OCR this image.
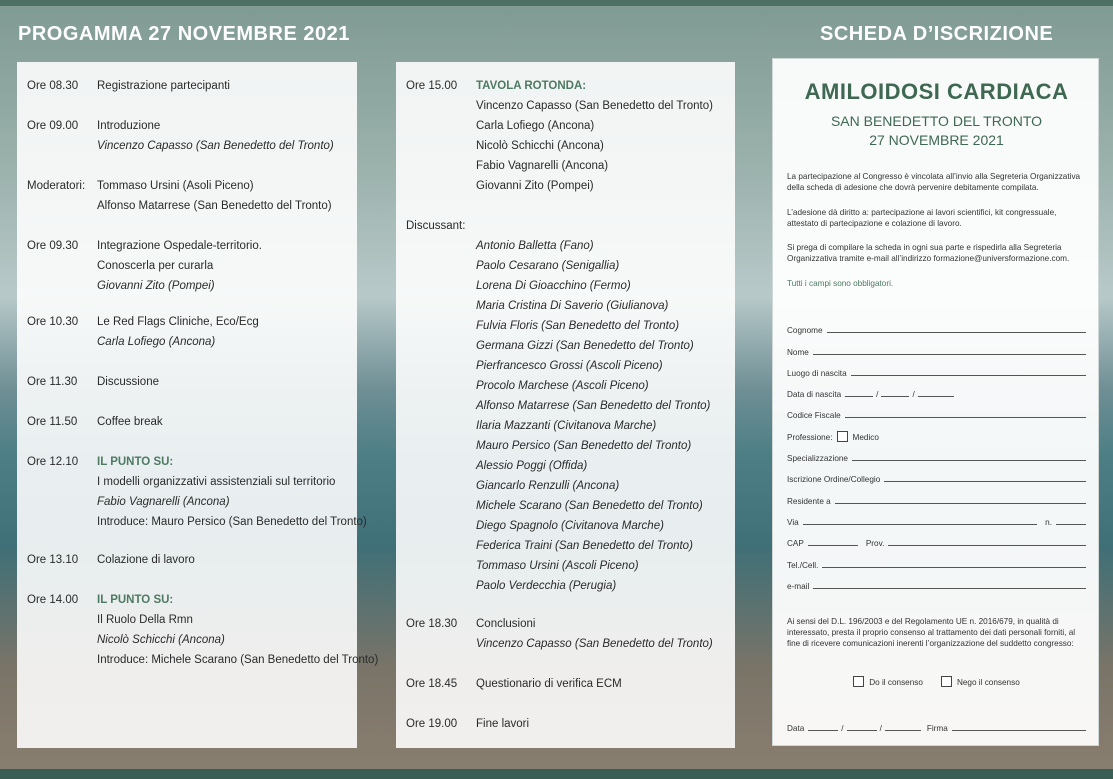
PROGAMMA 27 NOVEMBRE 2021	SCHEDA D’ISCRIZIONE
Ore 08.30	Registrazione partecipanti
Ore 09.00	Introduzione
Vincenzo Capasso (San Benedetto del Tronto)
Moderatori:	Tommaso Ursini (Asoli Piceno)
Alfonso Matarrese (San Benedetto del Tronto)
Ore 09.30	Integrazione Ospedale-territorio.
Conoscerla per curarla
Giovanni Zito (Pompei)
Ore 10.30	Le Red Flags Cliniche, Eco/Ecg
Carla Lofiego (Ancona)
Ore 11.30	Discussione
Ore 11.50	Coffee break
Ore 12.10	IL PUNTO SU:
I modelli organizzativi assistenziali sul territorio
Fabio Vagnarelli (Ancona)
Introduce: Mauro Persico (San Benedetto del Tronto)
Ore 13.10	Colazione di lavoro
Ore 14.00	IL PUNTO SU:
Il Ruolo Della Rmn
Nicolò Schicchi (Ancona)
Introduce: Michele Scarano (San Benedetto del Tronto)
Ore 15.00	TAVOLA ROTONDA:
Vincenzo Capasso (San Benedetto del Tronto)
Carla Lofiego (Ancona)
Nicolò Schicchi (Ancona)
Fabio Vagnarelli (Ancona)
Giovanni Zito (Pompei)
Discussant:

Antonio Balletta (Fano)
Paolo Cesarano (Senigallia)
Lorena Di Gioacchino (Fermo)
Maria Cristina Di Saverio (Giulianova)
Fulvia Floris (San Benedetto del Tronto)
Germana Gizzi (San Benedetto del Tronto)
Pierfrancesco Grossi (Ascoli Piceno)
Procolo Marchese (Ascoli Piceno)
Alfonso Matarrese (San Benedetto del Tronto)
Ilaria Mazzanti (Civitanova Marche)
Mauro Persico (San Benedetto del Tronto)
Alessio Poggi (Offida)
Giancarlo Renzulli (Ancona)
Michele Scarano (San Benedetto del Tronto)
Diego Spagnolo (Civitanova Marche)
Federica Traini (San Benedetto del Tronto)
Tommaso Ursini (Ascoli Piceno)
Paolo Verdecchia (Perugia)
Ore 18.30	Conclusioni
Vincenzo Capasso (San Benedetto del Tronto)
Ore 18.45	Questionario di verifica ECM
Ore 19.00	Fine lavori
AMILOIDOSI CARDIACA
SAN BENEDETTO DEL TRONTO
27 NOVEMBRE 2021
La partecipazione al Congresso è vincolata all’invio alla Segreteria Organizzativa della scheda di adesione che dovrà pervenire debitamente compilata.
L’adesione dà diritto a: partecipazione ai lavori scientifici, kit congressuale, attestato di partecipazione e colazione di lavoro.
Si prega di compilare la scheda in ogni sua parte e rispedirla alla Segreteria Organizzativa tramite e-mail all’indirizzo formazione@universformazione.com.
Tutti i campi sono obbligatori.
Cognome
Nome
Luogo di nascita
Data di nascita	/	/
Codice Fiscale
Professione: Medico
Specializzazione
Iscrizione Ordine/Collegio
Residente a
Via	n.
CAP	Prov.
Tel./Cell.
e-mail
Ai sensi del D.L. 196/2003 e del Regolamento UE n. 2016/679, in qualità di interessato, presta il proprio consenso al trattamento dei dati personali forniti, al fine di ricevere comunicazioni inerenti l’organizzazione del suddetto congresso:
Do il consenso	Nego il consenso
Data	/	/	Firma
